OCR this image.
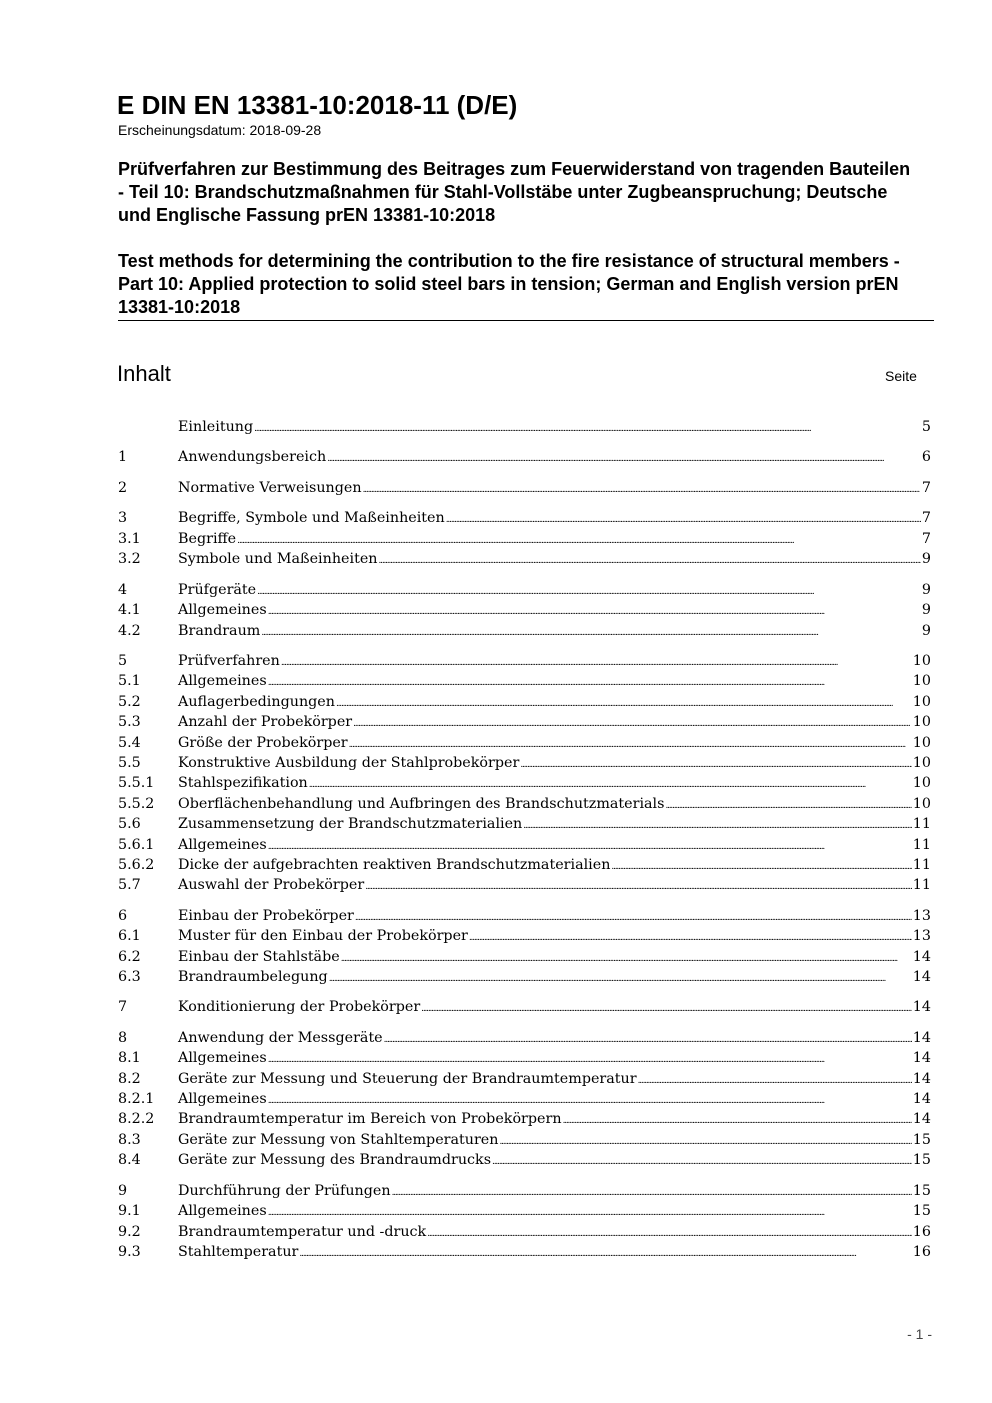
E DIN EN 13381-10:2018-11 (D/E)
Erscheinungsdatum: 2018-09-28
Prüfverfahren zur Bestimmung des Beitrages zum Feuerwiderstand von tragenden Bauteilen - Teil 10: Brandschutzmaßnahmen für Stahl-Vollstäbe unter Zugbeanspruchung; Deutsche und Englische Fassung prEN 13381-10:2018
Test methods for determining the contribution to the fire resistance of structural members - Part 10: Applied protection to solid steel bars in tension; German and English version prEN 13381-10:2018
Inhalt	Seite
Einleitung .....	5
1	Anwendungsbereich .....	6
2	Normative Verweisungen .....	7
3	Begriffe, Symbole und Maßeinheiten .....	7
3.1	Begriffe .....	7
3.2	Symbole und Maßeinheiten .....	9
4	Prüfgeräte .....	9
4.1	Allgemeines .....	9
4.2	Brandraum .....	9
5	Prüfverfahren .....	10
5.1	Allgemeines .....	10
5.2	Auflagerbedingungen .....	10
5.3	Anzahl der Probekörper .....	10
5.4	Größe der Probekörper .....	10
5.5	Konstruktive Ausbildung der Stahlprobekörper .....	10
5.5.1	Stahlspezifikation .....	10
5.5.2	Oberflächenbehandlung und Aufbringen des Brandschutzmaterials .....	10
5.6	Zusammensetzung der Brandschutzmaterialien .....	11
5.6.1	Allgemeines .....	11
5.6.2	Dicke der aufgebrachten reaktiven Brandschutzmaterialien .....	11
5.7	Auswahl der Probekörper .....	11
6	Einbau der Probekörper .....	13
6.1	Muster für den Einbau der Probekörper .....	13
6.2	Einbau der Stahlstäbe .....	14
6.3	Brandraumbelegung .....	14
7	Konditionierung der Probekörper .....	14
8	Anwendung der Messgeräte .....	14
8.1	Allgemeines .....	14
8.2	Geräte zur Messung und Steuerung der Brandraumtemperatur .....	14
8.2.1	Allgemeines .....	14
8.2.2	Brandraumtemperatur im Bereich von Probekörpern .....	14
8.3	Geräte zur Messung von Stahltemperaturen .....	15
8.4	Geräte zur Messung des Brandraumdrucks .....	15
9	Durchführung der Prüfungen .....	15
9.1	Allgemeines .....	15
9.2	Brandraumtemperatur und -druck .....	16
9.3	Stahltemperatur .....	16
- 1 -
